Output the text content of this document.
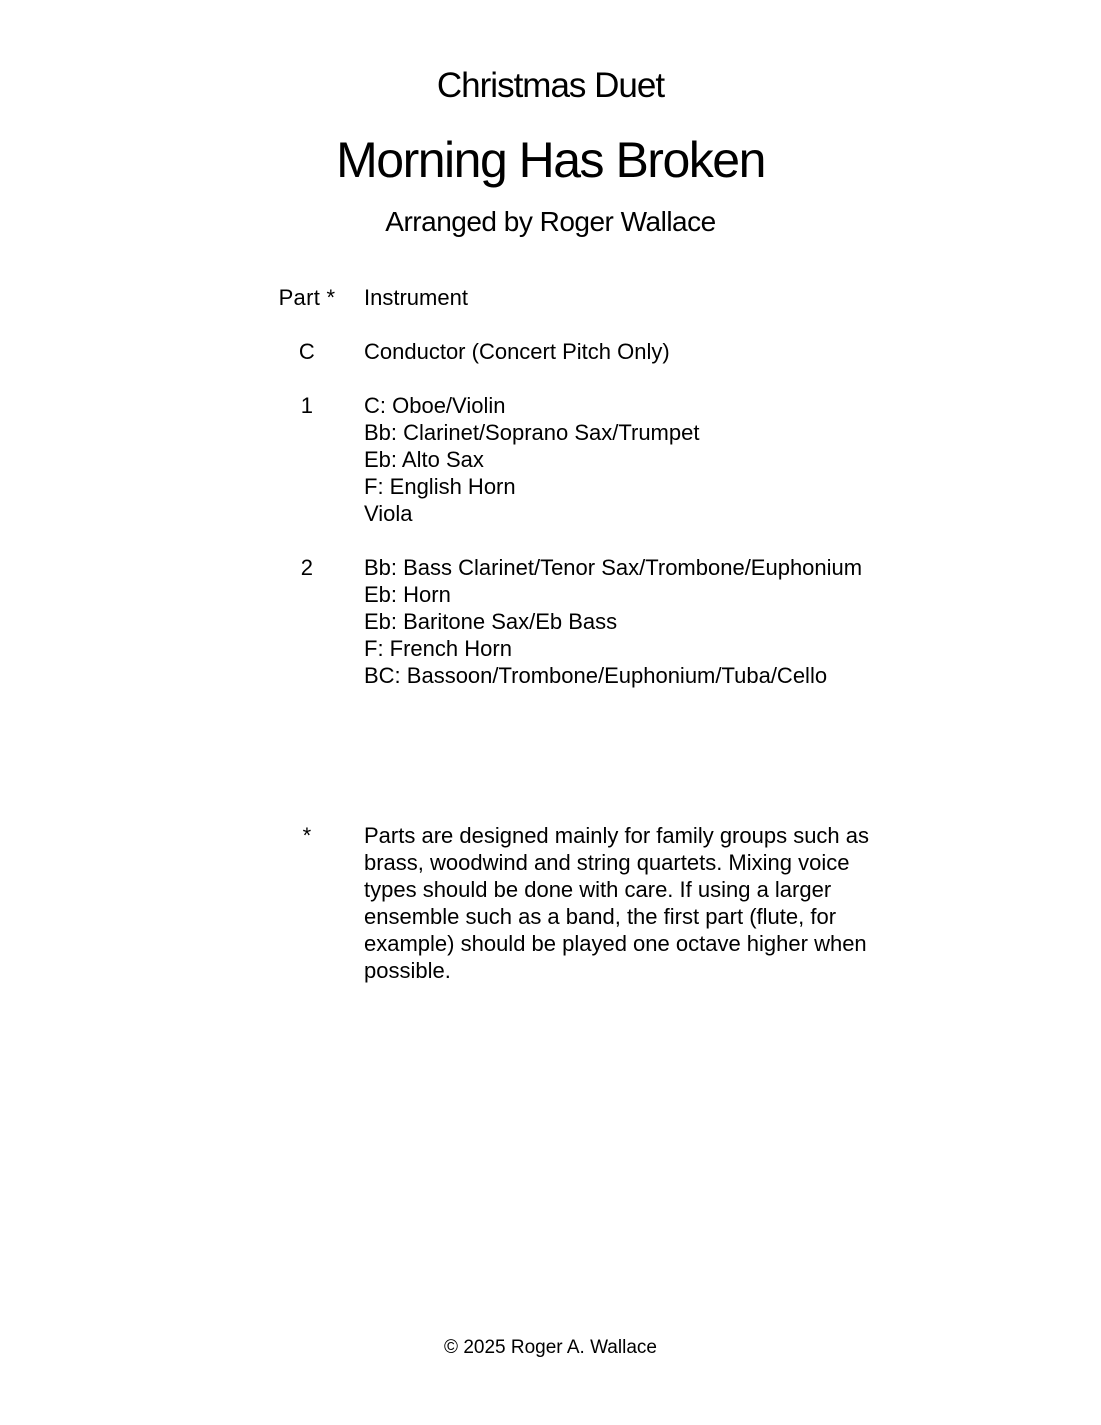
Christmas Duet
Morning Has Broken
Arranged by Roger Wallace
Part *	Instrument
C	Conductor (Concert Pitch Only)
1	C: Oboe/Violin
Bb: Clarinet/Soprano Sax/Trumpet
Eb: Alto Sax
F: English Horn
Viola
2	Bb: Bass Clarinet/Tenor Sax/Trombone/Euphonium
Eb: Horn
Eb: Baritone Sax/Eb Bass
F: French Horn
BC: Bassoon/Trombone/Euphonium/Tuba/Cello
*	Parts are designed mainly for family groups such as brass, woodwind and string quartets. Mixing voice types should be done with care. If using a larger ensemble such as a band, the first part (flute, for example) should be played one octave higher when possible.
© 2025 Roger A. Wallace
